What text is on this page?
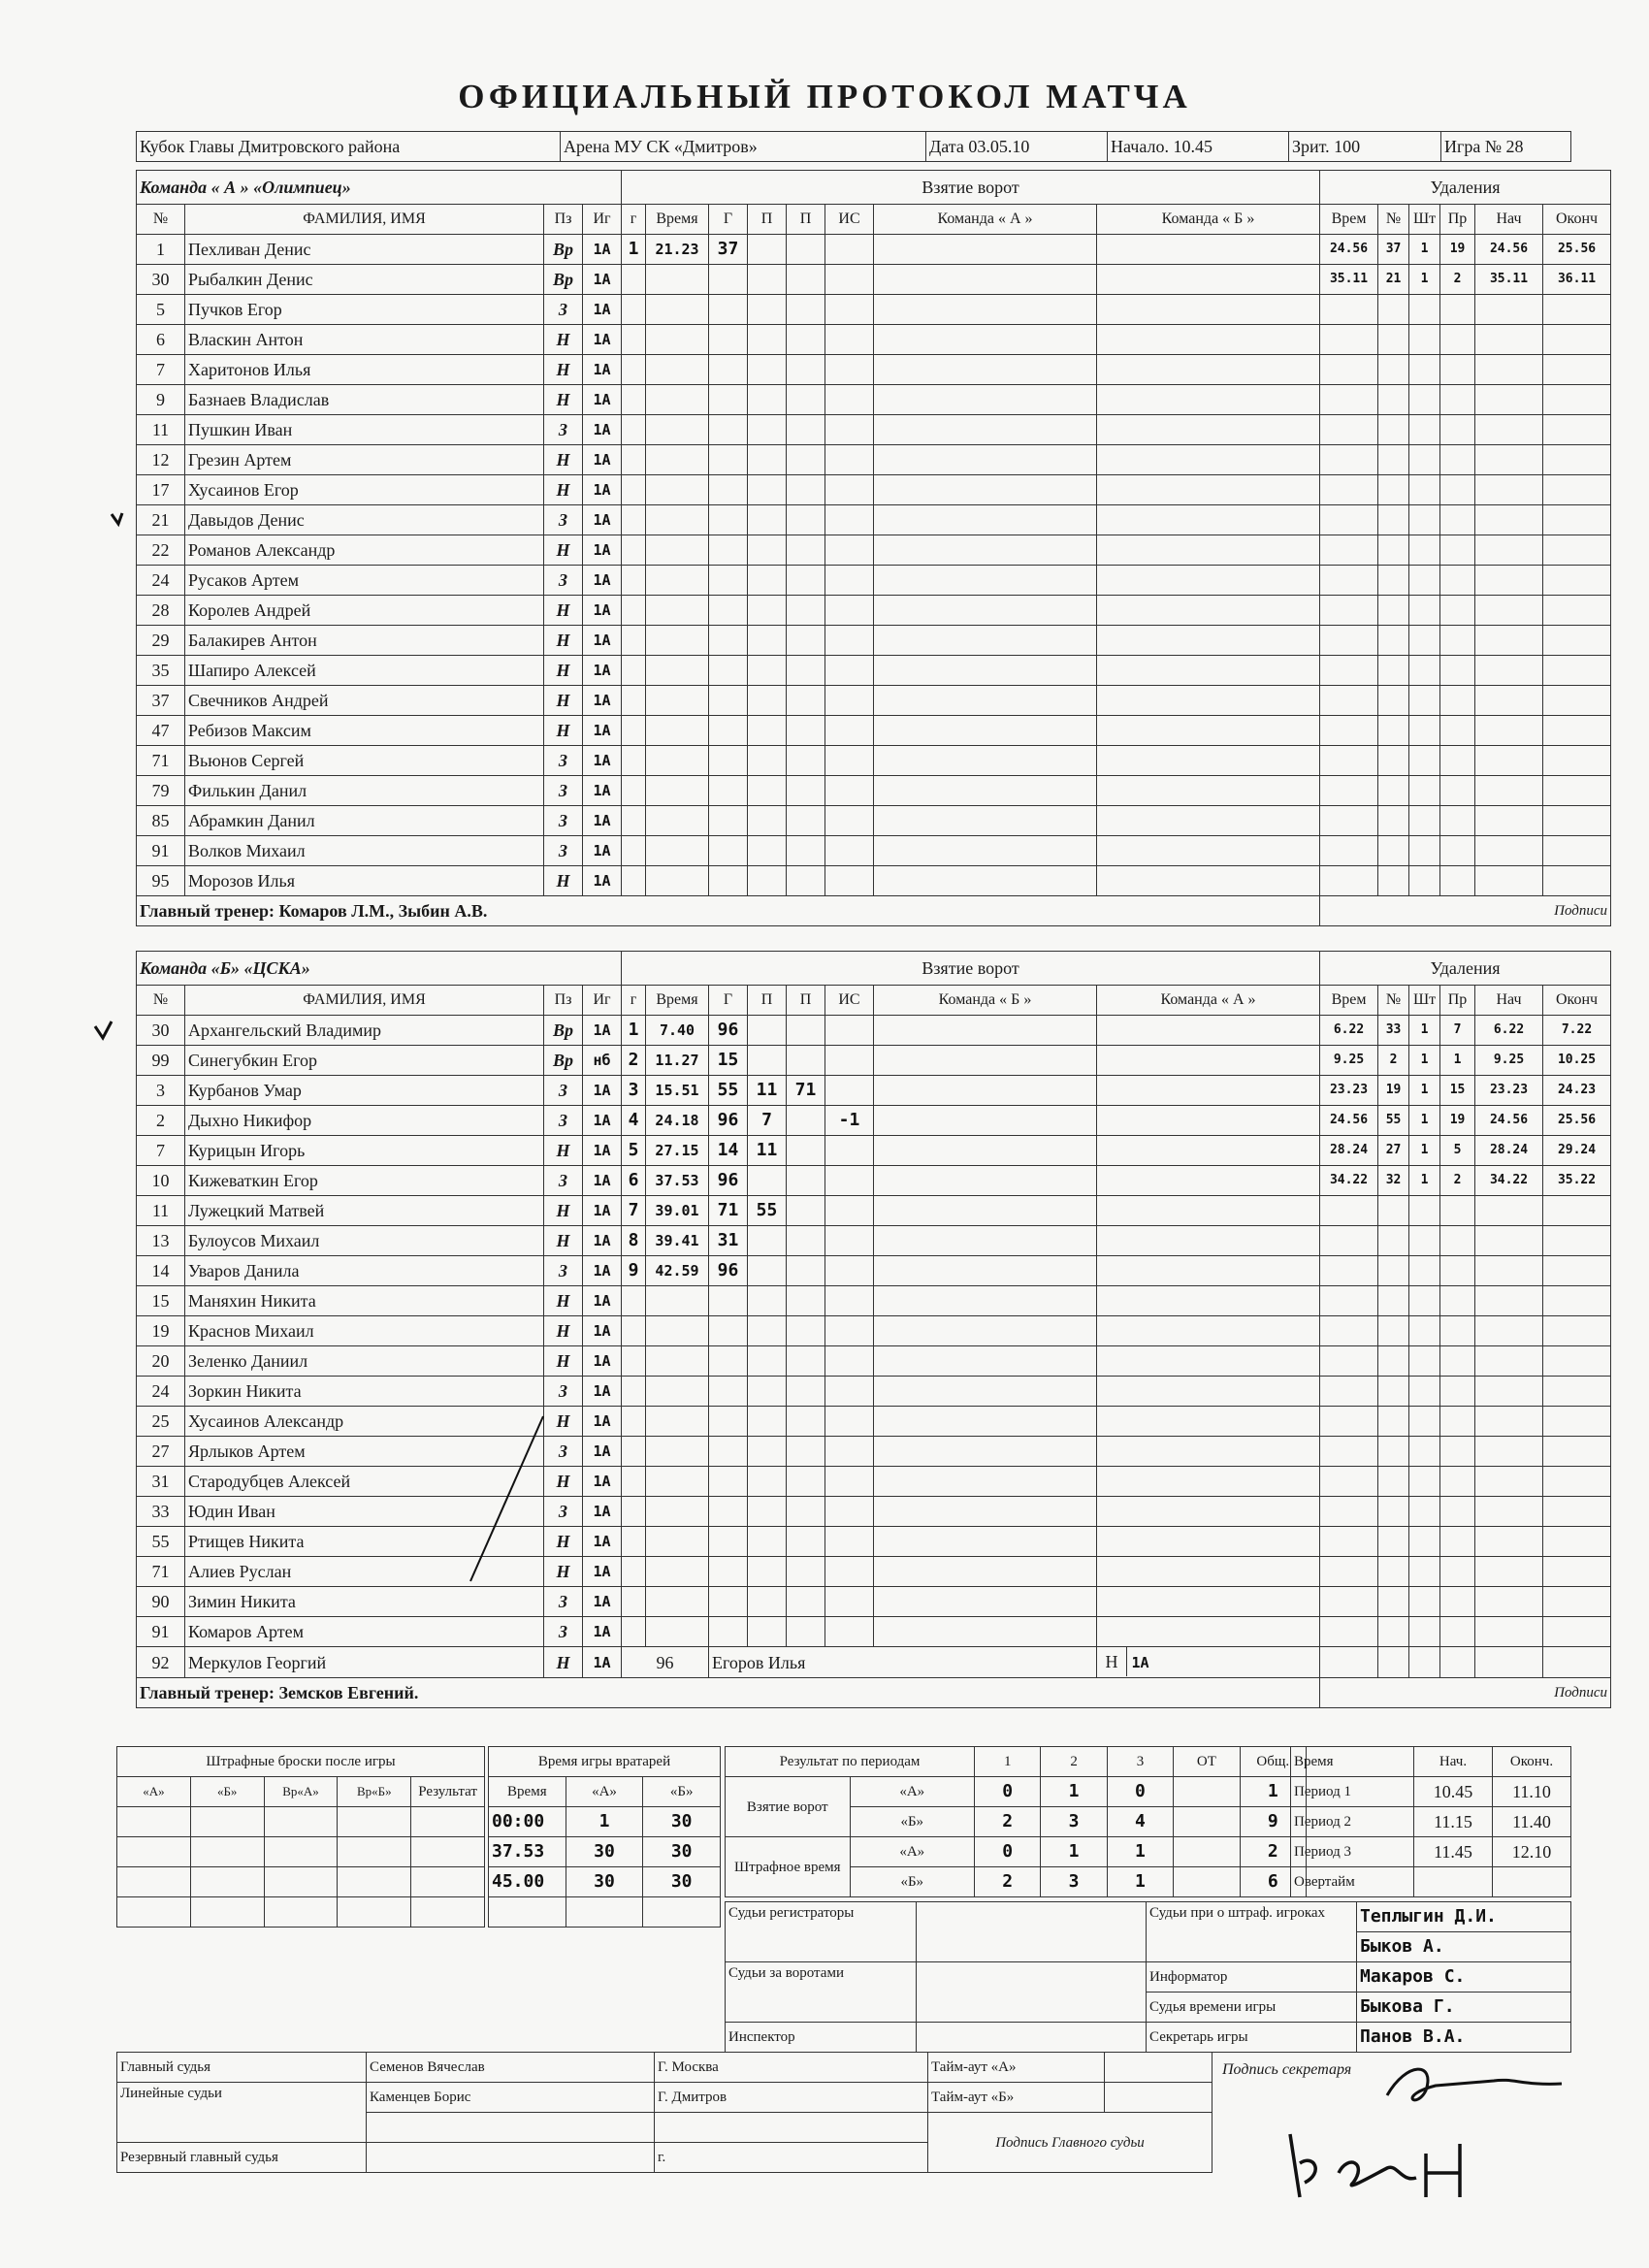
ОФИЦИАЛЬНЫЙ ПРОТОКОЛ МАТЧА
Кубок Главы Дмитровского района	Арена МУ СК «Дмитров»	Дата 03.05.10	Начало. 10.45	Зрит. 100	Игра № 28
Команда « А » «Олимпиец»				Взятие ворот								Удаления					
№	ФАМИЛИЯ, ИМЯ	Пз	Иг	г	Время	Г	П	П	ИС	Команда « А »	Команда « Б »	Врем	№	Шт	Пр	Нач	Оконч
1	Пехливан Денис	Вр	1A	1	21.23	37						24.56	37	1	19	24.56	25.56
30	Рыбалкин Денис	Вр	1A									35.11	21	1	2	35.11	36.11
5	Пучков Егор	З	1A														
6	Власкин Антон	Н	1A														
7	Харитонов Илья	Н	1A														
9	Базнаев Владислав	Н	1A														
11	Пушкин Иван	З	1A														
12	Грезин Артем	Н	1A														
17	Хусаинов Егор	Н	1A														
21	Давыдов Денис	З	1A														
22	Романов Александр	Н	1A														
24	Русаков Артем	З	1A														
28	Королев Андрей	Н	1A														
29	Балакирев Антон	Н	1A														
35	Шапиро Алексей	Н	1A														
37	Свечников Андрей	Н	1A														
47	Ребизов Максим	Н	1A														
71	Вьюнов Сергей	З	1A														
79	Филькин Данил	З	1A														
85	Абрамкин Данил	З	1A														
91	Волков Михаил	З	1A														
95	Морозов Илья	Н	1A														
Главный тренер: Комаров Л.М., Зыбин А.В.												Подписи					
Команда «Б» «ЦСКА»				Взятие ворот								Удаления					
№	ФАМИЛИЯ, ИМЯ	Пз	Иг	г	Время	Г	П	П	ИС	Команда « Б »	Команда « А »	Врем	№	Шт	Пр	Нач	Оконч
30	Архангельский Владимир	Вр	1A	1	7.40	96						6.22	33	1	7	6.22	7.22
99	Синегубкин Егор	Вр	нб	2	11.27	15						9.25	2	1	1	9.25	10.25
3	Курбанов Умар	З	1A	3	15.51	55	11	71				23.23	19	1	15	23.23	24.23
2	Дыхно Никифор	З	1A	4	24.18	96	7		-1			24.56	55	1	19	24.56	25.56
7	Курицын Игорь	Н	1A	5	27.15	14	11					28.24	27	1	5	28.24	29.24
10	Кижеваткин Егор	З	1A	6	37.53	96						34.22	32	1	2	34.22	35.22
11	Лужецкий Матвей	Н	1A	7	39.01	71	55										
13	Булоусов Михаил	Н	1A	8	39.41	31											
14	Уваров Данила	З	1A	9	42.59	96											
15	Маняхин Никита	Н	1A														
19	Краснов Михаил	Н	1A														
20	Зеленко Даниил	Н	1A														
24	Зоркин Никита	З	1A														
25	Хусаинов Александр	Н	1A														
27	Ярлыков Артем	З	1A														
31	Стародубцев Алексей	Н	1A														
33	Юдин Иван	З	1A														
55	Ртищев Никита	Н	1A														
71	Алиев Руслан	Н	1A														
90	Зимин Никита	З	1A														
91	Комаров Артем	З	1A														
92	Меркулов Георгий	Н	1A	96		Егоров Илья					Н 1A						
Главный тренер: Земсков Евгений.												Подписи					
Штрафные броски после игры				
«А»	«Б»	Вр«А»	Вр«Б»	Результат

Время игры вратарей		
Время	«А»	«Б»
00:00	1	30
37.53	30	30
45.00	30	30

Результат по периодам		1	2	3	ОТ	Общ.
Взятие ворот	«А»	0	1	0		1
	«Б»	2	3	4		9
Штрафное время	«А»	0	1	1		2
	«Б»	2	3	1		6
Время	Нач.	Оконч.
Период 1	10.45	11.10
Период 2	11.15	11.40
Период 3	11.45	12.10
Овертайм		
Судьи регистраторы		Судьи при о штраф. игроках	Теплыгин Д.И.
			Быков А.
Судьи за воротами		Информатор	Макаров С.
		Судья времени игры	Быкова Г.
Инспектор		Секретарь игры	Панов В.А.
Главный судья	Семенов Вячеслав	Г. Москва	Тайм-аут «А»	
Линейные судьи	Каменцев Борис	Г. Дмитров	Тайм-аут «Б»	
			Подпись Главного судьи	
Резервный главный судья		г.		
Подпись секретаря
